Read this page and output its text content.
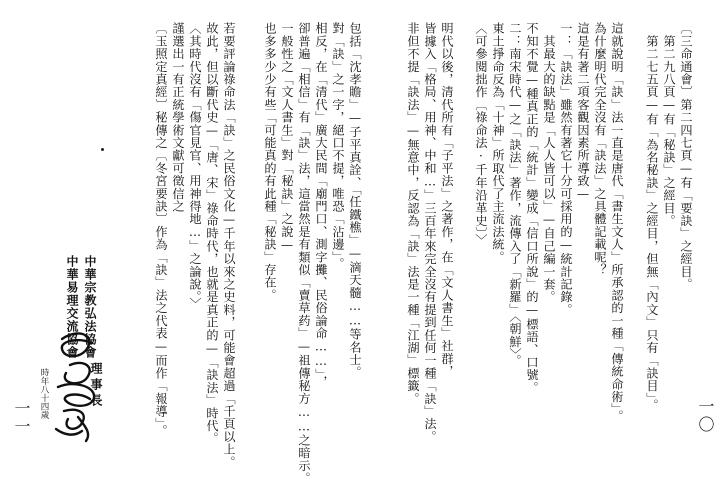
一〇
〔三命通會〕第二四七頁—有「要訣」之經目。
　第二九八頁—有「秘訣」之經目。
　第二七五頁—有「為名秘訣」之經目，但無「內文」只有「訣目」。
這就說明「訣」法一直是唐代「書生文人」所承認的一種「傳統命術」。
為什麼明代完全沒有「訣法」之具體記載呢？
這是有著二項客觀因素所導致—
一：「訣法」雖然有著它十分可採用的—統計記錄。
　其最大的缺點是「人人皆可以」—自己編一套。
不知不覺—種真正的「統計」變成「信口所說」的—標語、口號。
二：南宋時代—之「訣法」著作，流傳入了「新羅」〈朝鮮〉。
東土掙命反為「十神」所取代了主流法統。
〈可參閱拙作〔祿命法·千年沿革史〕〉
明代以後，清代所有「子平法」之著作，在「文人書生」社群，
皆據入「格局、用神、中和…」三百年來完全沒有提到任何一種「訣」法。
非但不提「訣法」—無意中，反認為「訣」法是一種「江湖」標籤。
包括「沈孝瞻」—子平真詮、「任鐵樵」—滴天髓……等名士。
對「訣」之一字，絕口不提，唯恐「沾邊」。
相反，在「清代」廣大民間「廟門口、測字攤、民俗論命……」，
卻普遍「相信」有「訣」法，這當然是有類似「賣草药」—祖傳秘方……之暗示。
一般性之「文人書生」對「秘訣」之說—
也多多少少有些「可能真的有此種「秘訣」存在。
若要評論祿命法「訣」之民俗文化—千年以來之史料，可能會超過「千頁以上。
故此，但以斷代史—「唐、宋」祿命時代，也就是真正的—「訣法」時代。
〈其時代沒有「傷官見官、用神得地…」之論說。〉
謹選出一有正統學術文獻可徵信之
〔玉照定真經〕秘傳之〔冬宮要訣〕作為「訣」法之代表—而作「報導」。
中華宗教弘法協會
中華易理交流協會
理事長
時年八十四歲
一一
